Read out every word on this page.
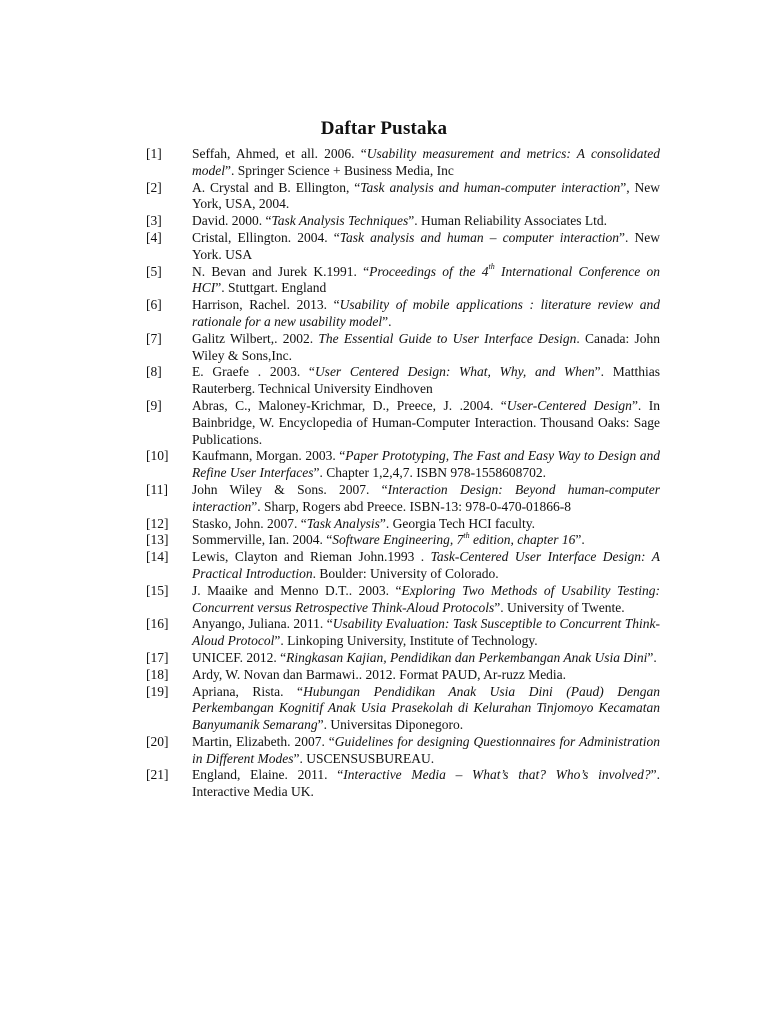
Daftar Pustaka
[1]	Seffah, Ahmed, et all. 2006. “Usability measurement and metrics: A consolidated model”. Springer Science + Business Media, Inc
[2]	A. Crystal and B. Ellington, “Task analysis and human-computer interaction”, New York, USA, 2004.
[3]	David. 2000. “Task Analysis Techniques”. Human Reliability Associates Ltd.
[4]	Cristal, Ellington. 2004. “Task analysis and human – computer interaction”. New York. USA
[5]	N. Bevan and Jurek K.1991. “Proceedings of the 4th International Conference on HCI”. Stuttgart. England
[6]	Harrison, Rachel. 2013. “Usability of mobile applications : literature review and rationale for a new usability model”.
[7]	Galitz Wilbert,. 2002. The Essential Guide to User Interface Design. Canada: John Wiley & Sons,Inc.
[8]	E. Graefe . 2003. “User Centered Design: What, Why, and When”. Matthias Rauterberg. Technical University Eindhoven
[9]	Abras, C., Maloney-Krichmar, D., Preece, J. .2004. “User-Centered Design”. In Bainbridge, W. Encyclopedia of Human-Computer Interaction. Thousand Oaks: Sage Publications.
[10]	Kaufmann, Morgan. 2003. “Paper Prototyping, The Fast and Easy Way to Design and Refine User Interfaces”. Chapter 1,2,4,7. ISBN 978-1558608702.
[11]	John Wiley & Sons. 2007. “Interaction Design: Beyond human-computer interaction”. Sharp, Rogers abd Preece. ISBN-13: 978-0-470-01866-8
[12]	Stasko, John. 2007. “Task Analysis”. Georgia Tech HCI faculty.
[13]	Sommerville, Ian. 2004. “Software Engineering, 7th edition, chapter 16”.
[14]	Lewis, Clayton and Rieman John.1993 . Task-Centered User Interface Design: A Practical Introduction. Boulder: University of Colorado.
[15]	J. Maaike and Menno D.T.. 2003. “Exploring Two Methods of Usability Testing: Concurrent versus Retrospective Think-Aloud Protocols”. University of Twente.
[16]	Anyango, Juliana. 2011. “Usability Evaluation: Task Susceptible to Concurrent Think-Aloud Protocol”. Linkoping University, Institute of Technology.
[17]	UNICEF. 2012. “Ringkasan Kajian, Pendidikan dan Perkembangan Anak Usia Dini”.
[18]	Ardy, W. Novan dan Barmawi.. 2012. Format PAUD, Ar-ruzz Media.
[19]	Apriana, Rista. “Hubungan Pendidikan Anak Usia Dini (Paud) Dengan Perkembangan Kognitif Anak Usia Prasekolah di Kelurahan Tinjomoyo Kecamatan Banyumanik Semarang”. Universitas Diponegoro.
[20]	Martin, Elizabeth. 2007. “Guidelines for designing Questionnaires for Administration in Different Modes”. USCENSUSBUREAU.
[21]	England, Elaine. 2011. “Interactive Media – What’s that? Who’s involved?”. Interactive Media UK.
